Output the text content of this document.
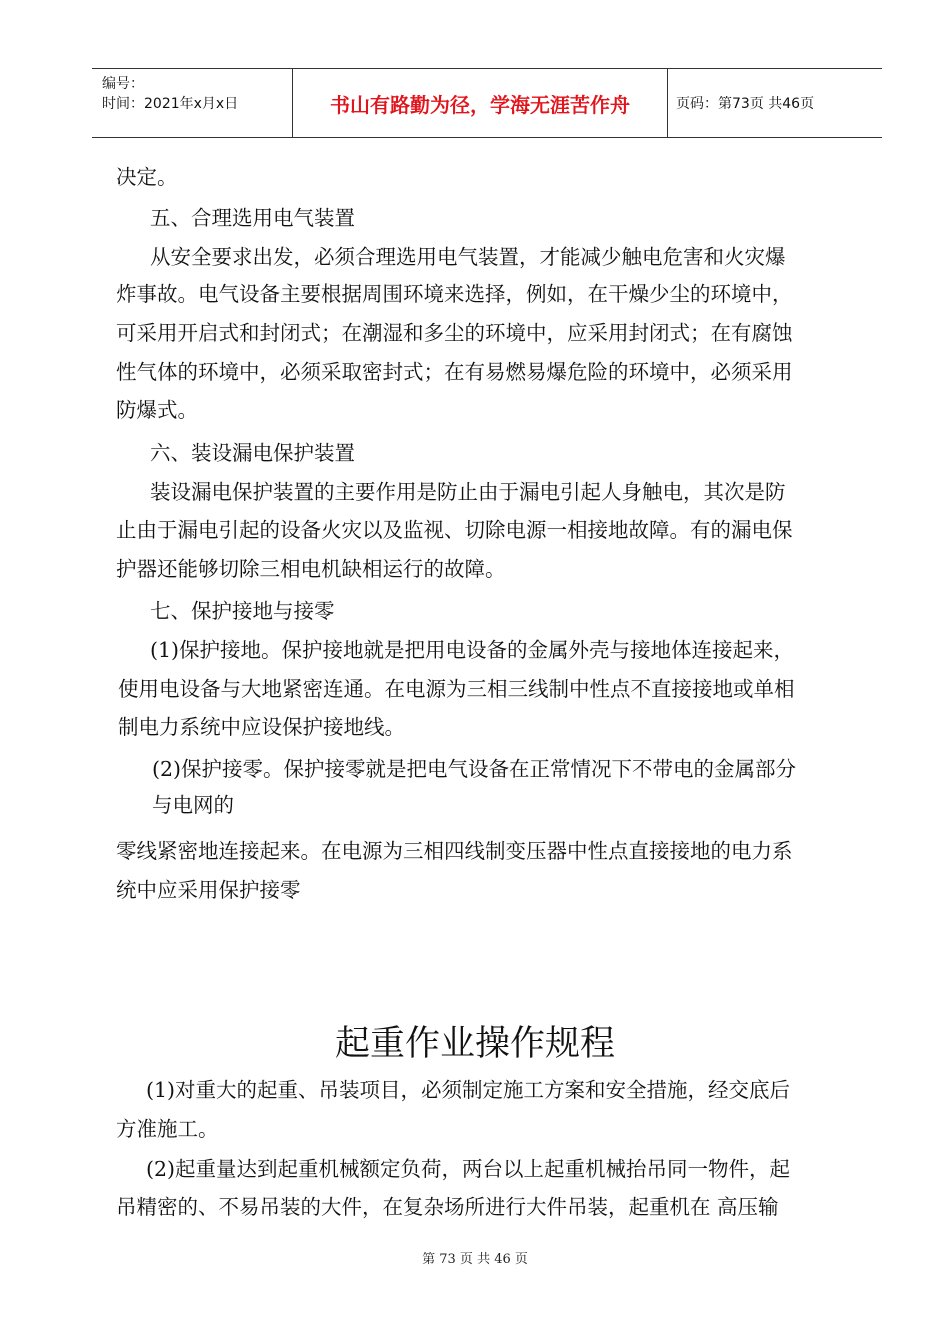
编号：
时间：2021年x月x日	书山有路勤为径，学海无涯苦作舟	页码：第73页 共46页
决定。
五、合理选用电气装置
从安全要求出发，必须合理选用电气装置，才能减少触电危害和火灾爆
炸事故。电气设备主要根据周围环境来选择，例如，在干燥少尘的环境中，
可采用开启式和封闭式；在潮湿和多尘的环境中，应采用封闭式；在有腐蚀
性气体的环境中，必须采取密封式；在有易燃易爆危险的环境中，必须采用
防爆式。
六、装设漏电保护装置
装设漏电保护装置的主要作用是防止由于漏电引起人身触电，其次是防
止由于漏电引起的设备火灾以及监视、切除电源一相接地故障。有的漏电保
护器还能够切除三相电机缺相运行的故障。
七、保护接地与接零
(1)保护接地。保护接地就是把用电设备的金属外壳与接地体连接起来，
使用电设备与大地紧密连通。在电源为三相三线制中性点不直接接地或单相
制电力系统中应设保护接地线。
(2)保护接零。保护接零就是把电气设备在正常情况下不带电的金属部分
与电网的
零线紧密地连接起来。在电源为三相四线制变压器中性点直接接地的电力系
统中应采用保护接零
起重作业操作规程
(1)对重大的起重、吊装项目，必须制定施工方案和安全措施，经交底后
方准施工。
(2)起重量达到起重机械额定负荷，两台以上起重机械抬吊同一物件，起
吊精密的、不易吊装的大件，在复杂场所进行大件吊装，起重机在 高压输
第 73 页 共 46 页
